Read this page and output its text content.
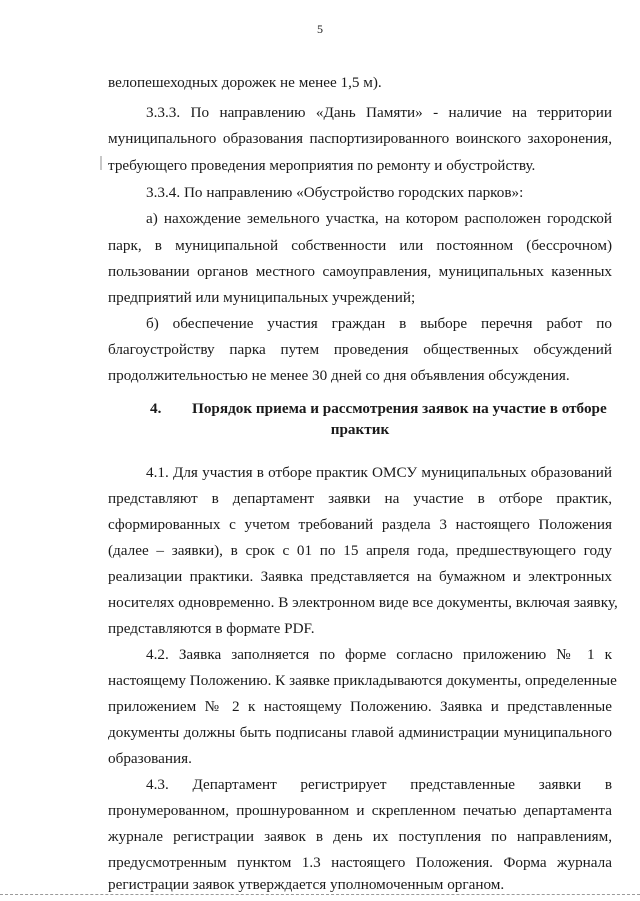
5
велопешеходных дорожек не менее 1,5 м).
3.3.3. По направлению «Дань Памяти» - наличие на территории
муниципального образования паспортизированного воинского захоронения,
требующего проведения мероприятия по ремонту и обустройству.
3.3.4. По направлению «Обустройство городских парков»:
а) нахождение земельного участка, на котором расположен городской
парк, в муниципальной собственности или постоянном (бессрочном)
пользовании органов местного самоуправления, муниципальных казенных
предприятий или муниципальных учреждений;
б) обеспечение участия граждан в выборе перечня работ по
благоустройству парка путем проведения общественных обсуждений
продолжительностью не менее 30 дней со дня объявления обсуждения.
4. Порядок приема и рассмотрения заявок на участие в отборе
практик
4.1. Для участия в отборе практик ОМСУ муниципальных образований
представляют в департамент заявки на участие в отборе практик,
сформированных с учетом требований раздела 3 настоящего Положения
(далее – заявки), в срок с 01 по 15 апреля года, предшествующего году
реализации практики. Заявка представляется на бумажном и электронных
носителях одновременно. В электронном виде все документы, включая заявку,
представляются в формате PDF.
4.2. Заявка заполняется по форме согласно приложению № 1 к
настоящему Положению. К заявке прикладываются документы, определенные
приложением № 2 к настоящему Положению. Заявка и представленные
документы должны быть подписаны главой администрации муниципального
образования.
4.3. Департамент регистрирует представленные заявки в
пронумерованном, прошнурованном и скрепленном печатью департамента
журнале регистрации заявок в день их поступления по направлениям,
предусмотренным пунктом 1.3 настоящего Положения. Форма журнала
регистрации заявок утверждается уполномоченным органом.
